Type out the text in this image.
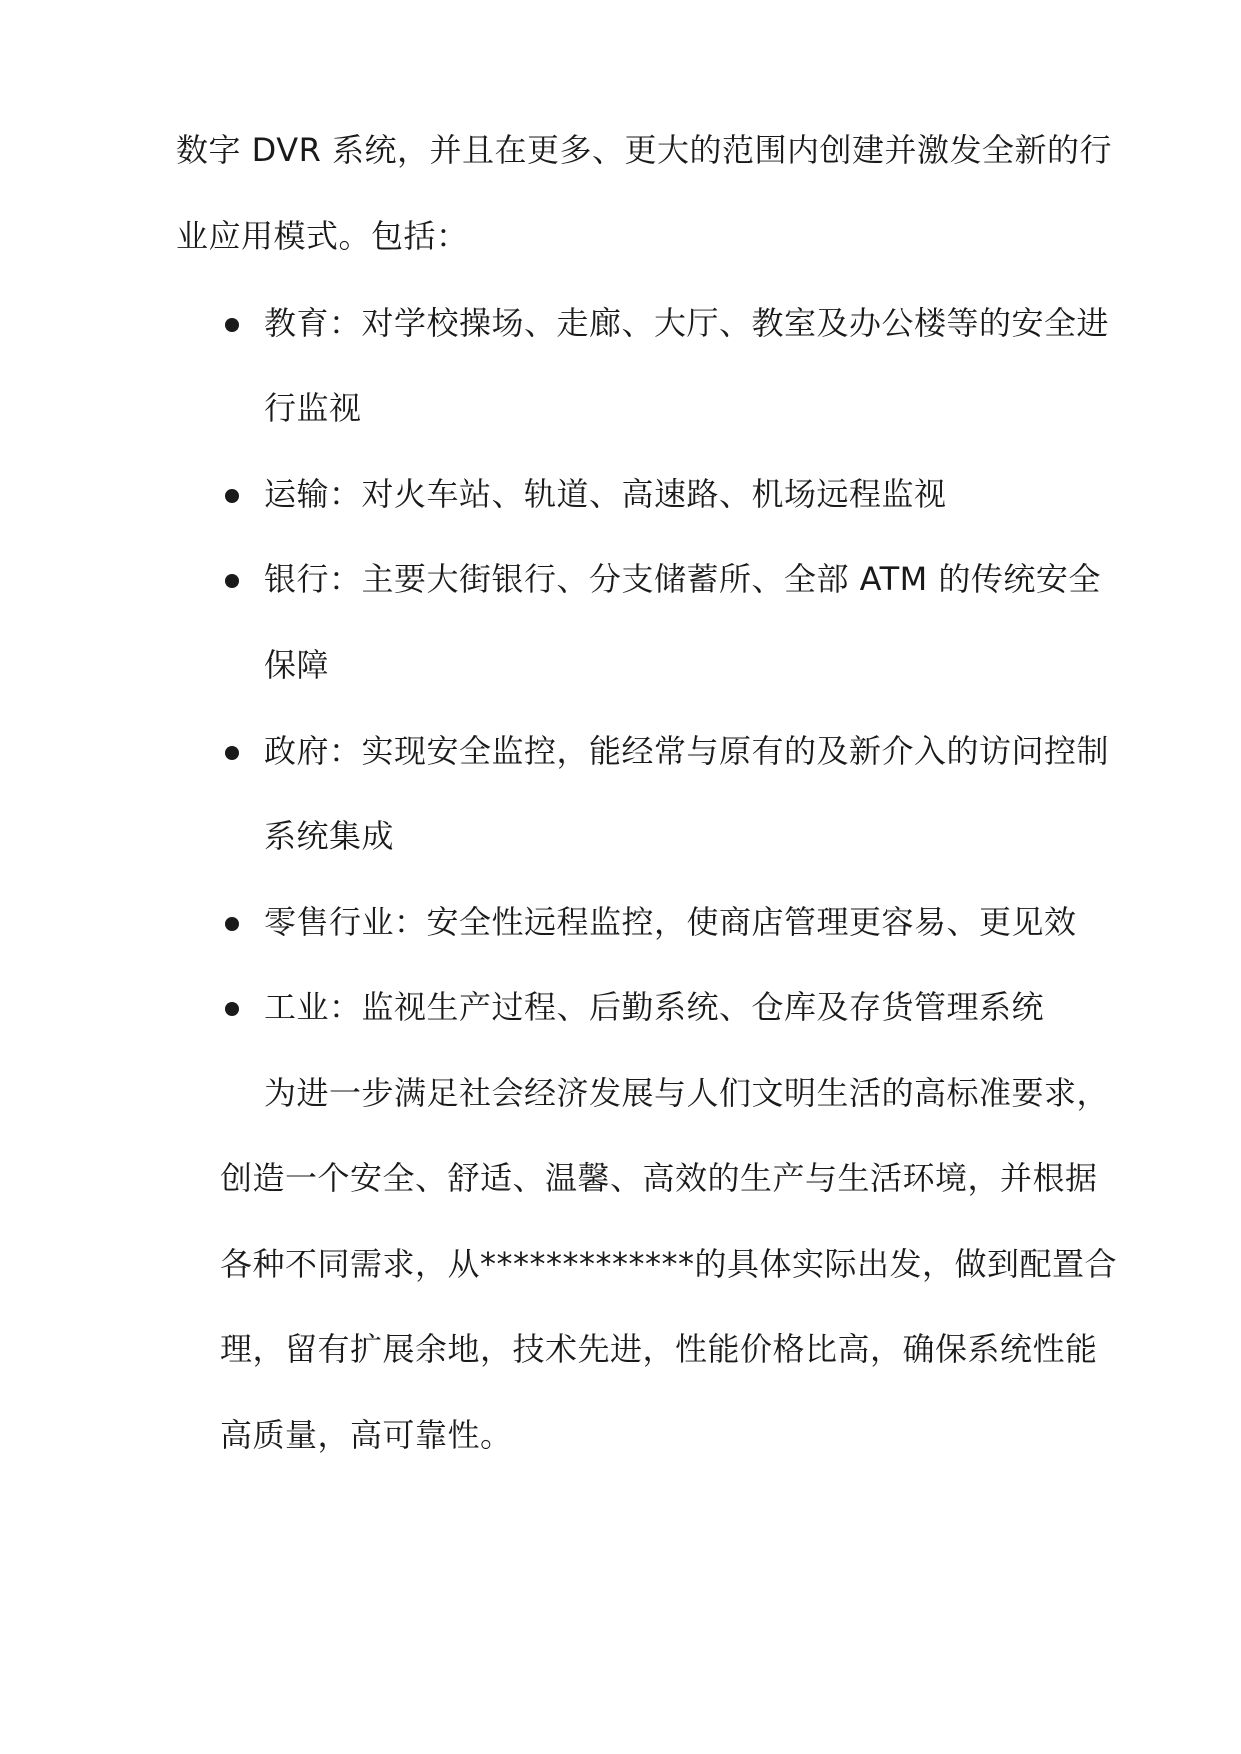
数字 DVR 系统，并且在更多、更大的范围内创建并激发全新的行
业应用模式。包括：
教育：对学校操场、走廊、大厅、教室及办公楼等的安全进
行监视
运输：对火车站、轨道、高速路、机场远程监视
银行：主要大街银行、分支储蓄所、全部 ATM 的传统安全
保障
政府：实现安全监控，能经常与原有的及新介入的访问控制
系统集成
零售行业：安全性远程监控，使商店管理更容易、更见效
工业：监视生产过程、后勤系统、仓库及存货管理系统
为进一步满足社会经济发展与人们文明生活的高标准要求，
创造一个安全、舒适、温馨、高效的生产与生活环境，并根据
各种不同需求，从*************的具体实际出发，做到配置合
理，留有扩展余地，技术先进，性能价格比高，确保系统性能
高质量，高可靠性。
